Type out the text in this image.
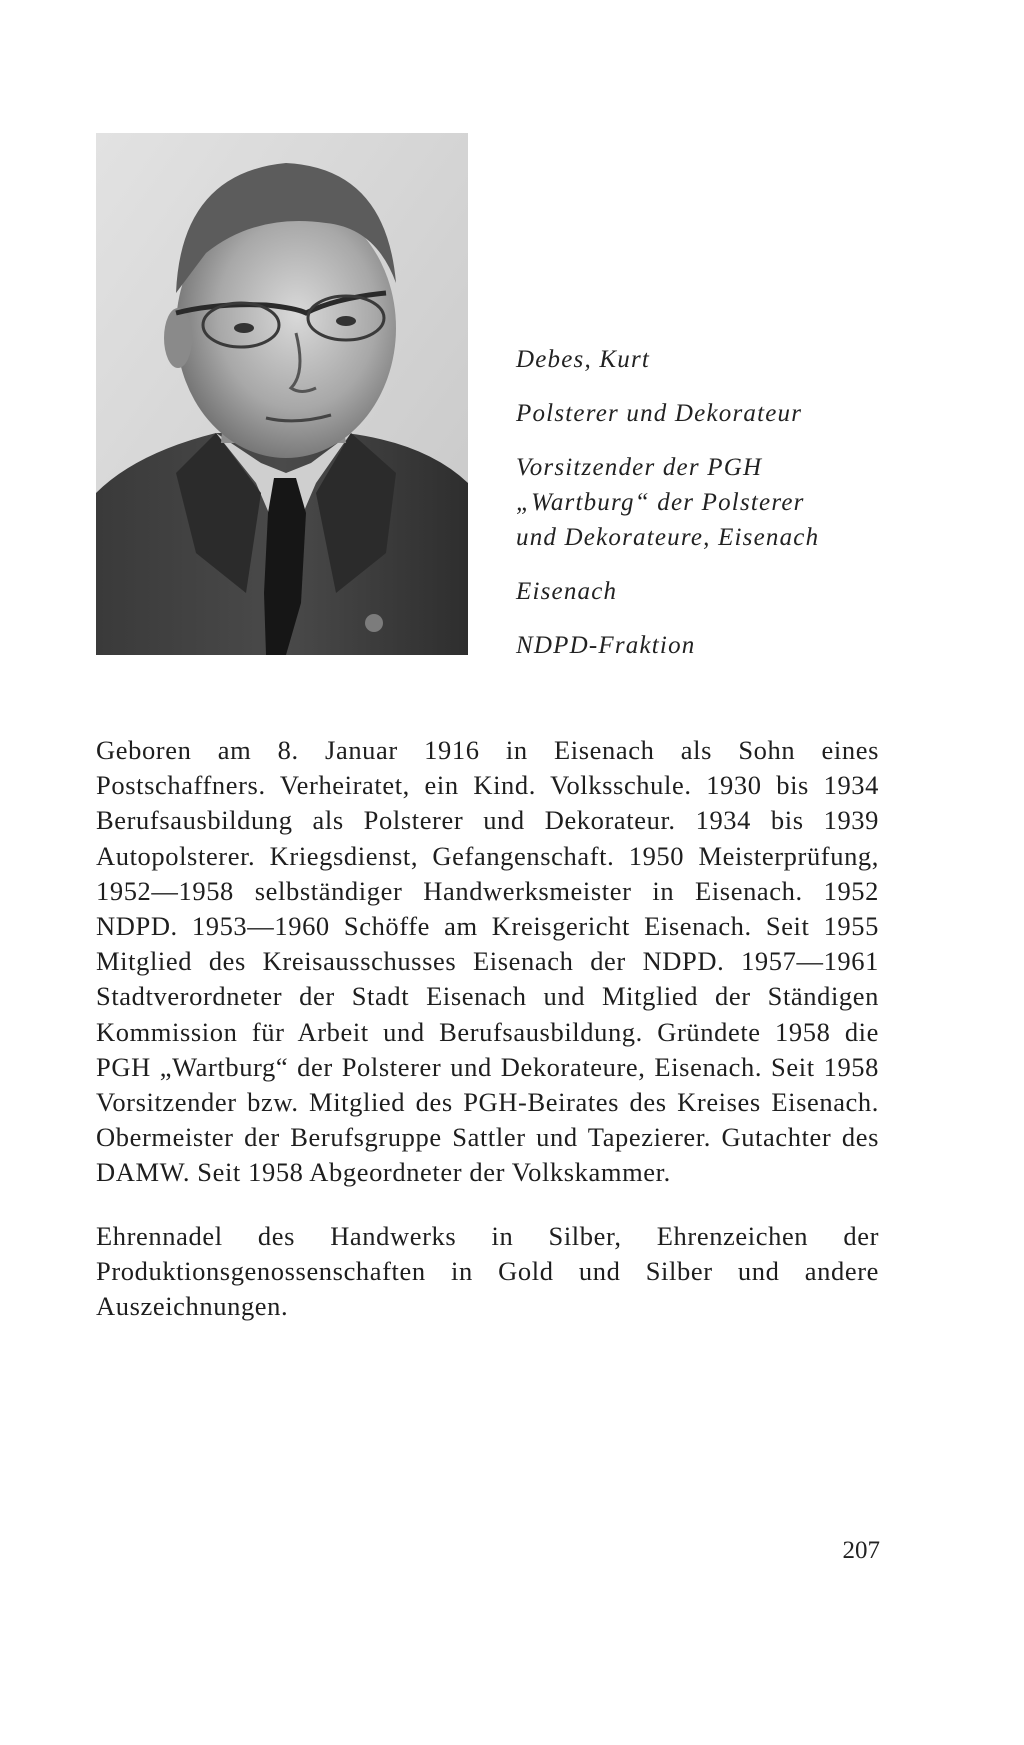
Debes, Kurt
Polsterer und Dekorateur
Vorsitzender der PGH
„Wartburg“ der Polsterer
und Dekorateure, Eisenach
Eisenach
NDPD-Fraktion

Geboren am 8. Januar 1916 in Eisenach als Sohn eines Postschaffners. Verheiratet, ein Kind. Volksschule. 1930 bis 1934 Berufsausbildung als Polsterer und Dekorateur. 1934 bis 1939 Autopolsterer. Kriegsdienst, Gefangenschaft. 1950 Meisterprüfung, 1952—1958 selbständiger Handwerksmeister in Eisenach. 1952 NDPD. 1953—1960 Schöffe am Kreisgericht Eisenach. Seit 1955 Mitglied des Kreisausschusses Eisenach der NDPD. 1957—1961 Stadtverordneter der Stadt Eisenach und Mitglied der Ständigen Kommission für Arbeit und Berufsausbildung. Gründete 1958 die PGH „Wartburg“ der Polsterer und Dekorateure, Eisenach. Seit 1958 Vorsitzender bzw. Mitglied des PGH-Beirates des Kreises Eisenach. Obermeister der Berufsgruppe Sattler und Tapezierer. Gutachter des DAMW. Seit 1958 Abgeordneter der Volkskammer.

Ehrennadel des Handwerks in Silber, Ehrenzeichen der Produktionsgenossenschaften in Gold und Silber und andere Auszeichnungen.

207
